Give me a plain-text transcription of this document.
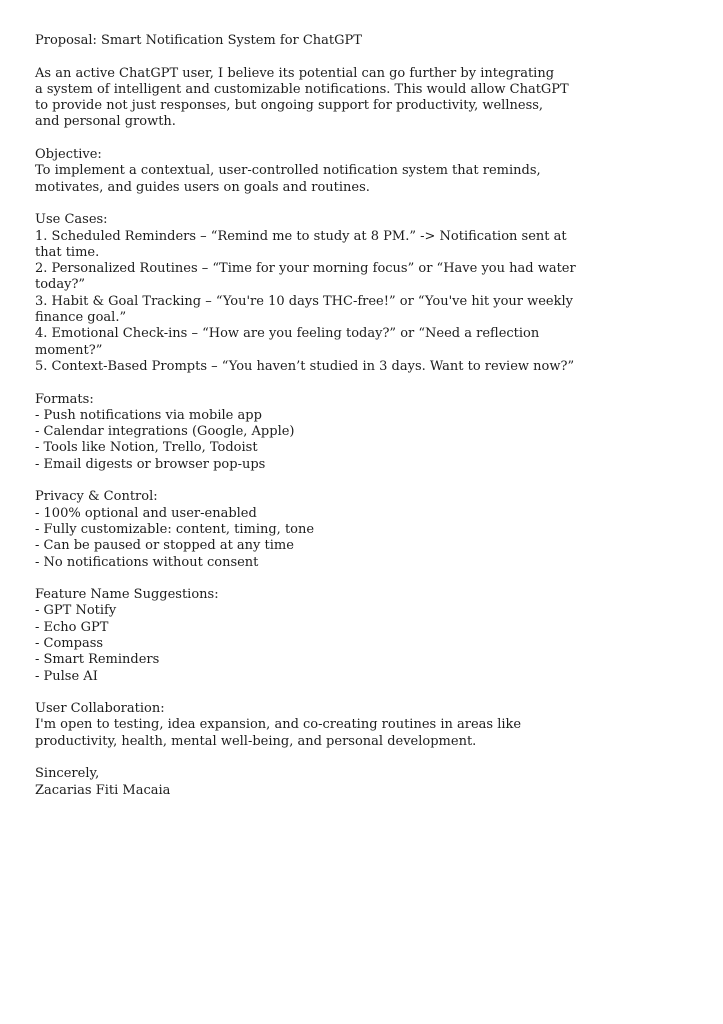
Proposal: Smart Notification System for ChatGPT
As an active ChatGPT user, I believe its potential can go further by integrating
a system of intelligent and customizable notifications. This would allow ChatGPT
to provide not just responses, but ongoing support for productivity, wellness,
and personal growth.
Objective:
To implement a contextual, user-controlled notification system that reminds,
motivates, and guides users on goals and routines.
Use Cases:
1. Scheduled Reminders – “Remind me to study at 8 PM.” -> Notification sent at
that time.
2. Personalized Routines – “Time for your morning focus” or “Have you had water
today?”
3. Habit & Goal Tracking – “You're 10 days THC-free!” or “You've hit your weekly
finance goal.”
4. Emotional Check-ins – “How are you feeling today?” or “Need a reflection
moment?”
5. Context-Based Prompts – “You haven’t studied in 3 days. Want to review now?”
Formats:
- Push notifications via mobile app
- Calendar integrations (Google, Apple)
- Tools like Notion, Trello, Todoist
- Email digests or browser pop-ups
Privacy & Control:
- 100% optional and user-enabled
- Fully customizable: content, timing, tone
- Can be paused or stopped at any time
- No notifications without consent
Feature Name Suggestions:
- GPT Notify
- Echo GPT
- Compass
- Smart Reminders
- Pulse AI
User Collaboration:
I'm open to testing, idea expansion, and co-creating routines in areas like
productivity, health, mental well-being, and personal development.
Sincerely,
Zacarias Fiti Macaia
